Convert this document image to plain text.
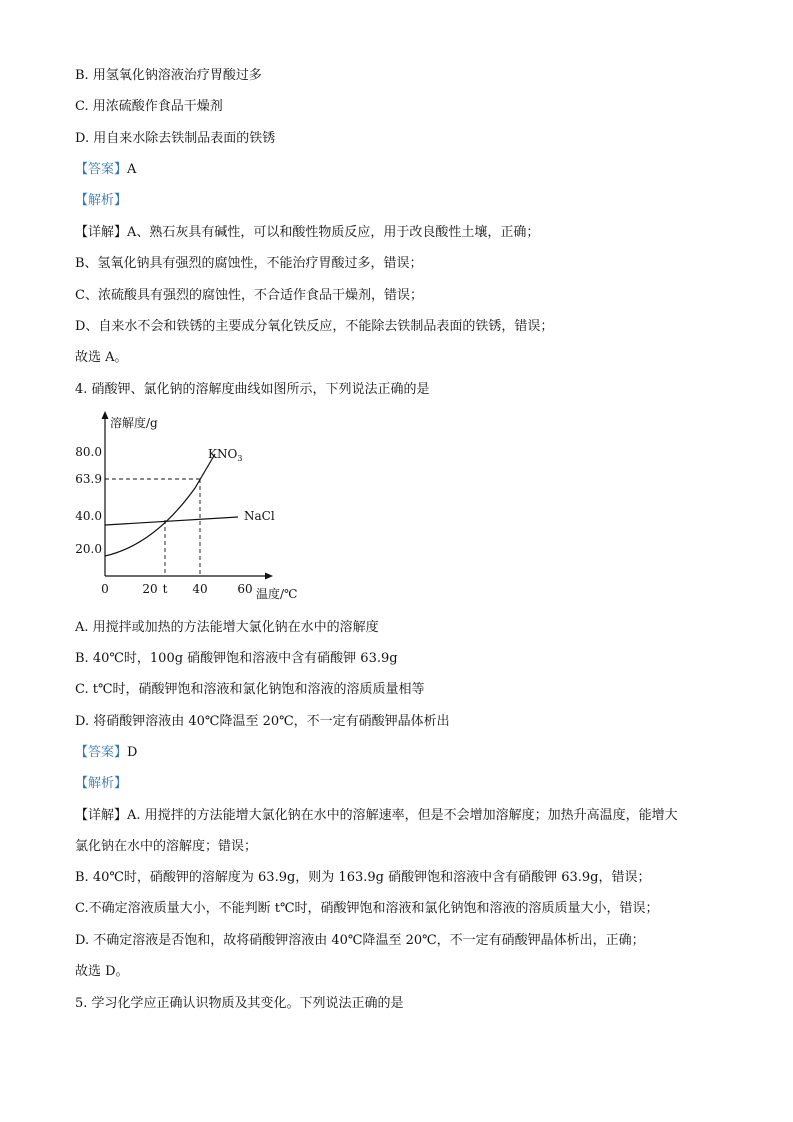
B. 用氢氧化钠溶液治疗胃酸过多
C. 用浓硫酸作食品干燥剂
D. 用自来水除去铁制品表面的铁锈
【答案】A
【解析】
【详解】A、熟石灰具有碱性，可以和酸性物质反应，用于改良酸性土壤，正确；
B、氢氧化钠具有强烈的腐蚀性，不能治疗胃酸过多，错误；
C、浓硫酸具有强烈的腐蚀性，不合适作食品干燥剂，错误；
D、自来水不会和铁锈的主要成分氧化铁反应，不能除去铁制品表面的铁锈，错误；
故选 A。
4. 硝酸钾、氯化钠的溶解度曲线如图所示，下列说法正确的是
溶解度/g
温度/℃
80.0
63.9
40.0
20.0
0	20 t 40 60
$KNO_3$
NaCl
A. 用搅拌或加热的方法能增大氯化钠在水中的溶解度
B. 40℃时，100g 硝酸钾饱和溶液中含有硝酸钾 63.9g
C. t℃时，硝酸钾饱和溶液和氯化钠饱和溶液的溶质质量相等
D. 将硝酸钾溶液由 40℃降温至 20℃，不一定有硝酸钾晶体析出
【答案】D
【解析】
【详解】A. 用搅拌的方法能增大氯化钠在水中的溶解速率，但是不会增加溶解度；加热升高温度，能增大
氯化钠在水中的溶解度；错误；
B. 40℃时，硝酸钾的溶解度为 63.9g，则为 163.9g 硝酸钾饱和溶液中含有硝酸钾 63.9g，错误；
C.不确定溶液质量大小，不能判断 t℃时，硝酸钾饱和溶液和氯化钠饱和溶液的溶质质量大小，错误；
D. 不确定溶液是否饱和，故将硝酸钾溶液由 40℃降温至 20℃，不一定有硝酸钾晶体析出，正确；
故选 D。
5. 学习化学应正确认识物质及其变化。下列说法正确的是
